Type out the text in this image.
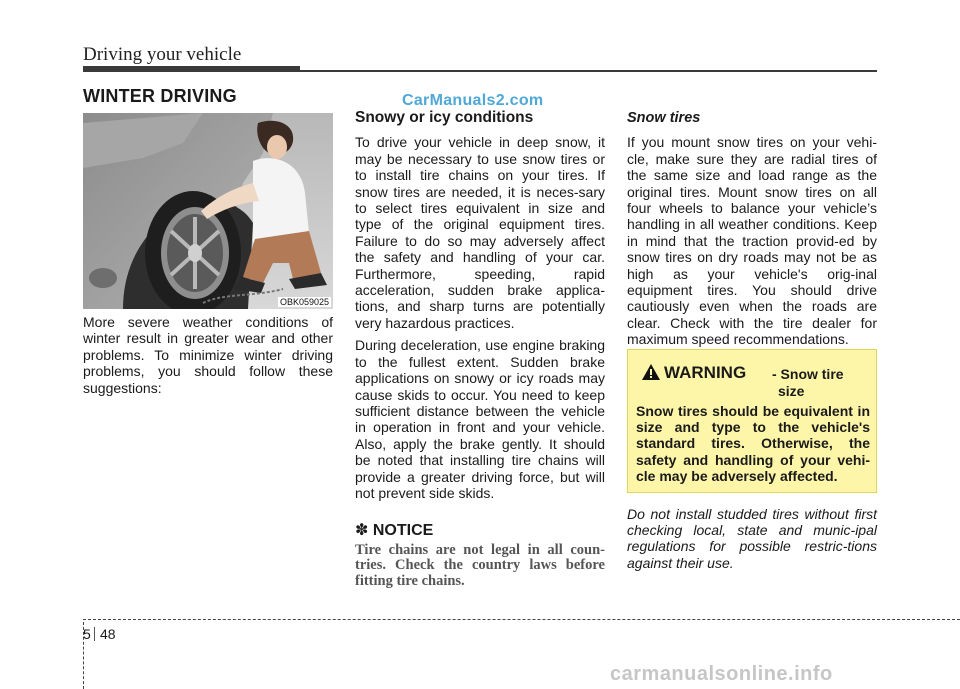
Driving your vehicle
WINTER DRIVING	CarManuals2.com
OBK059025

More severe weather conditions of winter result in greater wear and other problems. To minimize winter driving problems, you should follow these suggestions:

Snowy or icy conditions

To drive your vehicle in deep snow, it may be necessary to use snow tires or to install tire chains on your tires. If snow tires are needed, it is neces-sary to select tires equivalent in size and type of the original equipment tires. Failure to do so may adversely affect the safety and handling of your car. Furthermore, speeding, rapid acceleration, sudden brake applica-tions, and sharp turns are potentially very hazardous practices.

During deceleration, use engine braking to the fullest extent. Sudden brake applications on snowy or icy roads may cause skids to occur. You need to keep sufficient distance between the vehicle in operation in front and your vehicle. Also, apply the brake gently. It should be noted that installing tire chains will provide a greater driving force, but will not prevent side skids.

✽ NOTICE
Tire chains are not legal in all coun-tries. Check the country laws before fitting tire chains.
Snow tires

If you mount snow tires on your vehi-cle, make sure they are radial tires of the same size and load range as the original tires. Mount snow tires on all four wheels to balance your vehicle’s handling in all weather conditions. Keep in mind that the traction provid-ed by snow tires on dry roads may not be as high as your vehicle's orig-inal equipment tires. You should drive cautiously even when the roads are clear. Check with the tire dealer for maximum speed recommendations.

WARNING - Snow tire
size
Snow tires should be equivalent in size and type to the vehicle's standard tires. Otherwise, the safety and handling of your vehi-cle may be adversely affected.
Do not install studded tires without first checking local, state and munic-ipal regulations for possible restric-tions against their use.
5 48
carmanualsonline.info
